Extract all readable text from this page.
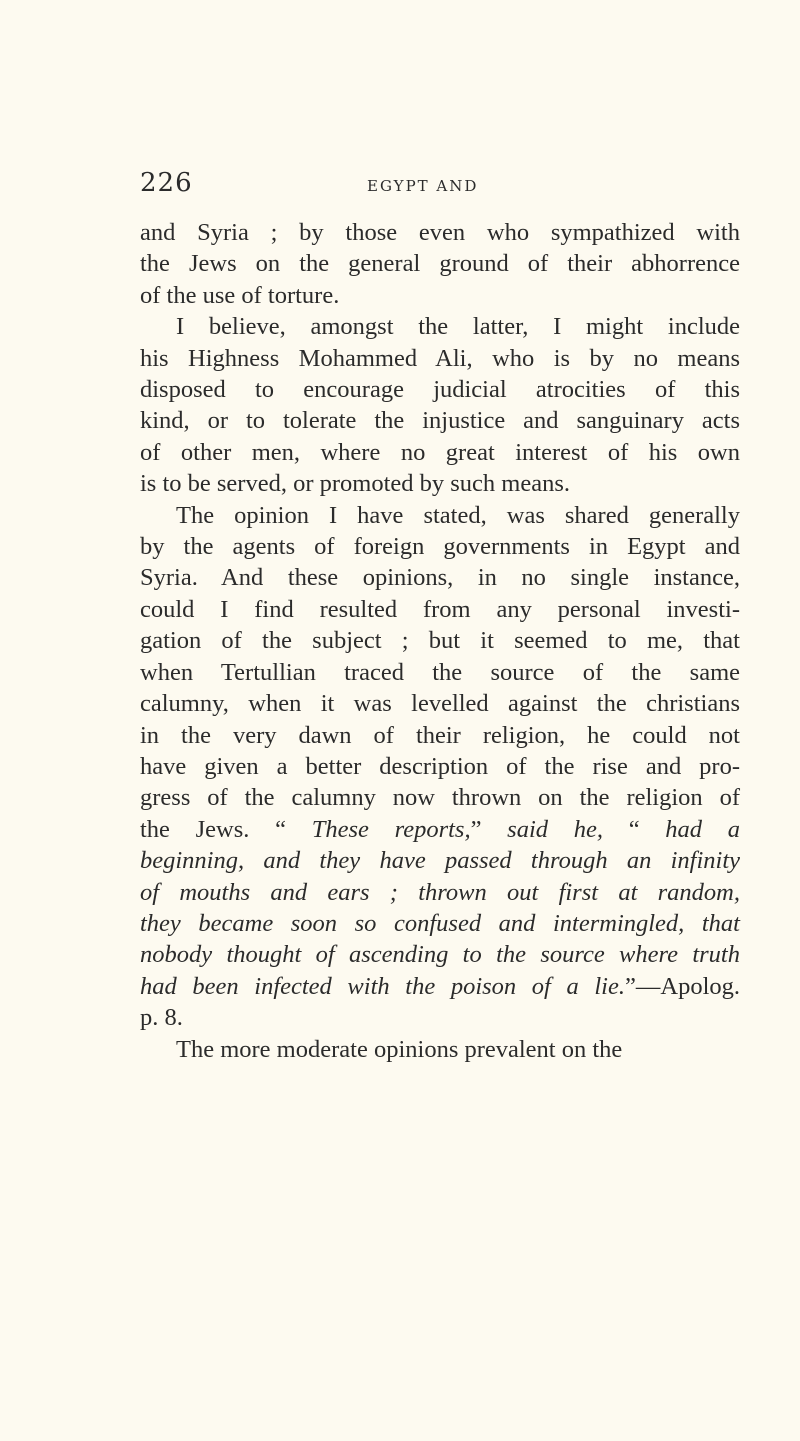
226	EGYPT AND
and Syria ; by those even who sympathized with
the Jews on the general ground of their abhorrence
of the use of torture.
I believe, amongst the latter, I might include
his Highness Mohammed Ali, who is by no means
disposed to encourage judicial atrocities of this
kind, or to tolerate the injustice and sanguinary acts
of other men, where no great interest of his own
is to be served, or promoted by such means.
The opinion I have stated, was shared generally
by the agents of foreign governments in Egypt and
Syria. And these opinions, in no single instance,
could I find resulted from any personal investi-
gation of the subject ; but it seemed to me, that
when Tertullian traced the source of the same
calumny, when it was levelled against the christians
in the very dawn of their religion, he could not
have given a better description of the rise and pro-
gress of the calumny now thrown on the religion of
the Jews. “ These reports,” said he, “ had a
beginning, and they have passed through an infinity
of mouths and ears ; thrown out first at random,
they became soon so confused and intermingled, that
nobody thought of ascending to the source where truth
had been infected with the poison of a lie.”—Apolog.
p. 8.
The more moderate opinions prevalent on the
